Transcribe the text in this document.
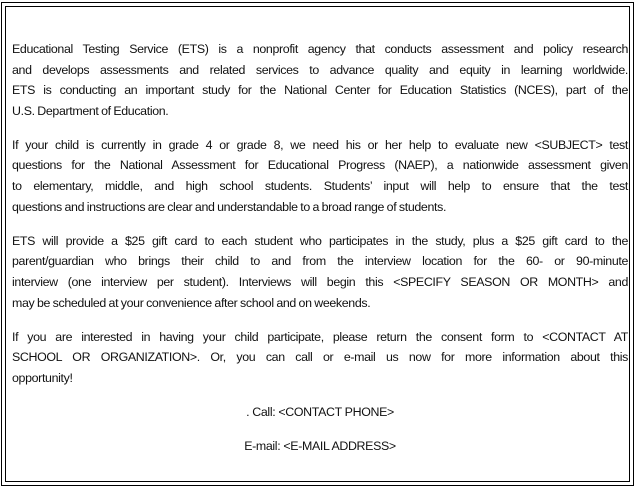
Educational Testing Service (ETS) is a nonprofit agency that conducts assessment and policy research
and develops assessments and related services to advance quality and equity in learning worldwide.
ETS is conducting an important study for the National Center for Education Statistics (NCES), part of the
U.S. Department of Education.
If your child is currently in grade 4 or grade 8, we need his or her help to evaluate new <SUBJECT> test
questions for the National Assessment for Educational Progress (NAEP), a nationwide assessment given
to elementary, middle, and high school students. Students’ input will help to ensure that the test
questions and instructions are clear and understandable to a broad range of students.
ETS will provide a $25 gift card to each student who participates in the study, plus a $25 gift card to the
parent/guardian who brings their child to and from the interview location for the 60- or 90-minute
interview (one interview per student). Interviews will begin this <SPECIFY SEASON OR MONTH> and
may be scheduled at your convenience after school and on weekends.
If you are interested in having your child participate, please return the consent form to <CONTACT AT
SCHOOL OR ORGANIZATION>. Or, you can call or e-mail us now for more information about this
opportunity!
. Call: <CONTACT PHONE>
E-mail: <E-MAIL ADDRESS>
